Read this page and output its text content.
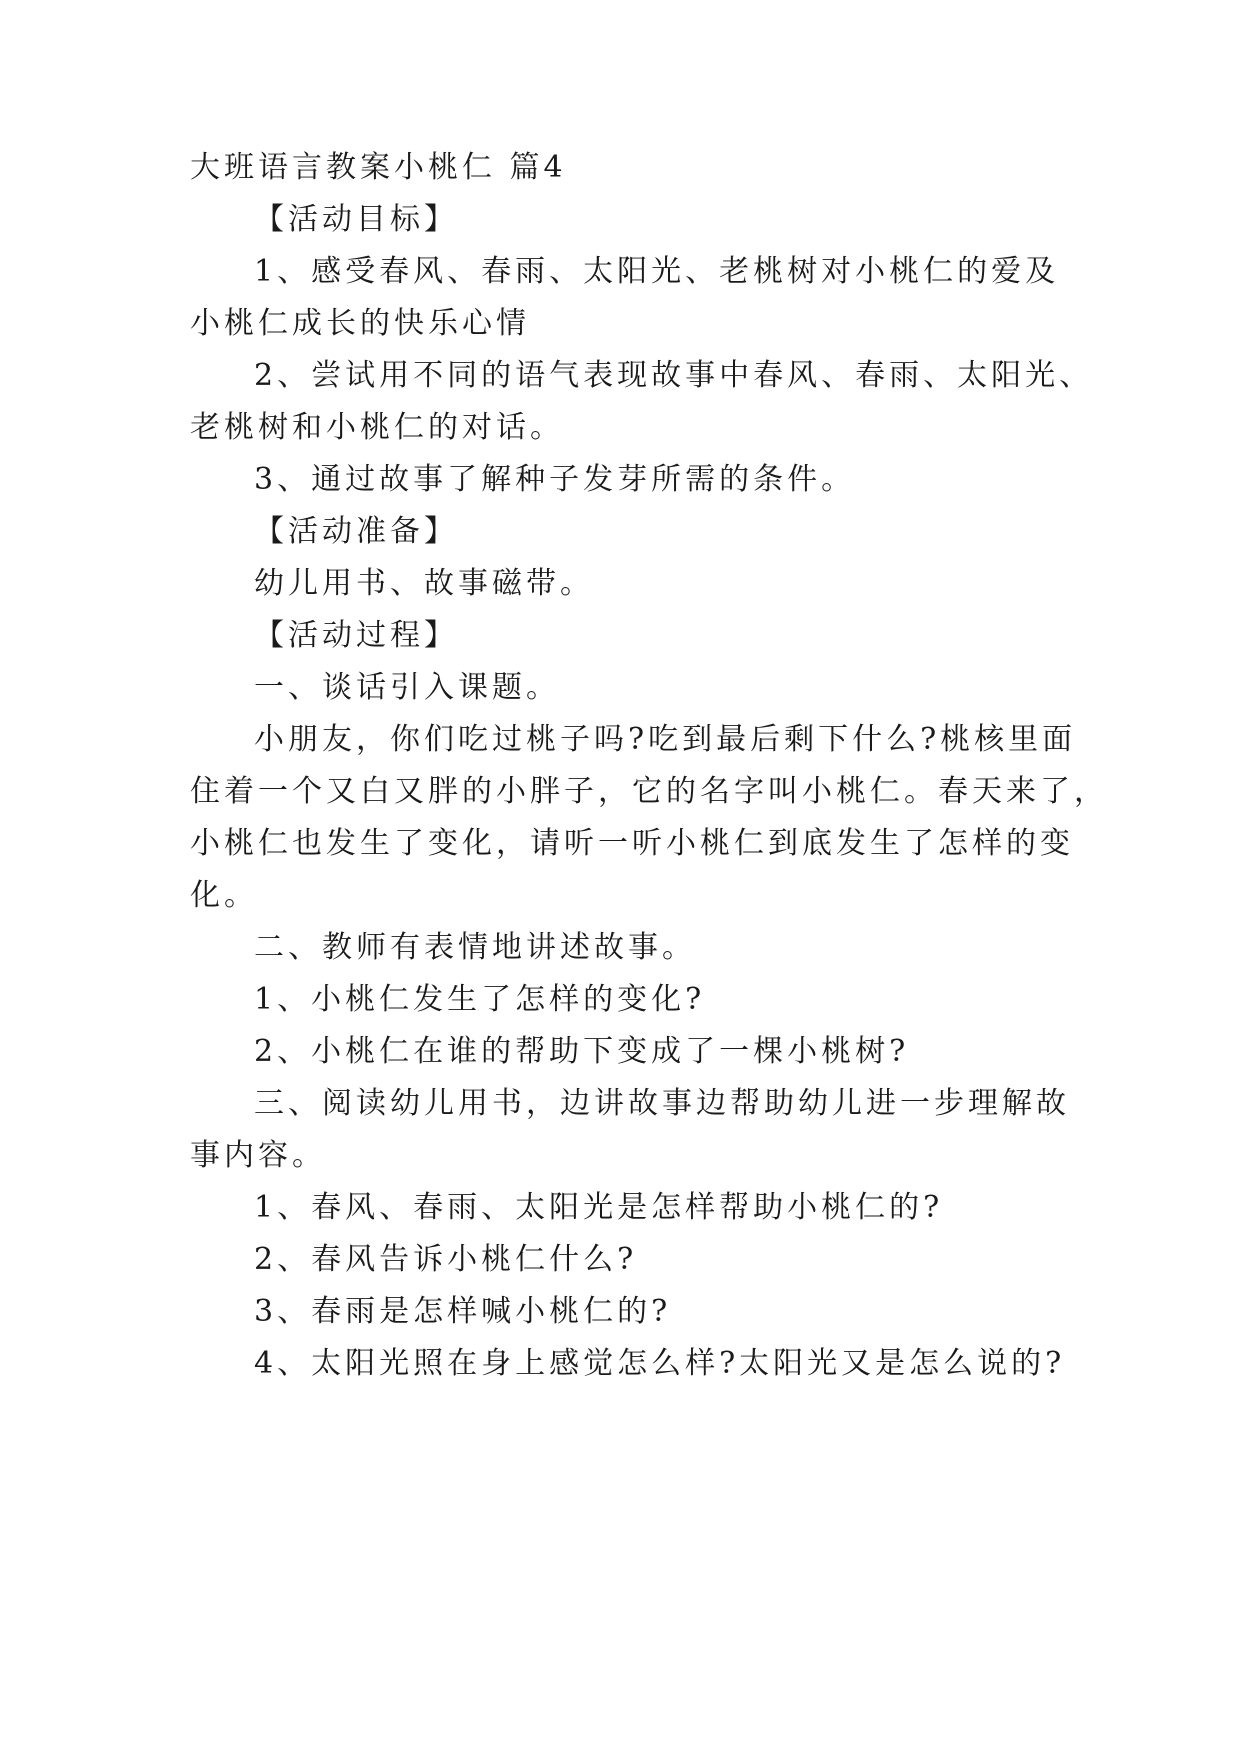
大班语言教案小桃仁 篇4
【活动目标】
1、感受春风、春雨、太阳光、老桃树对小桃仁的爱及
小桃仁成长的快乐心情
2、尝试用不同的语气表现故事中春风、春雨、太阳光、
老桃树和小桃仁的对话。
3、通过故事了解种子发芽所需的条件。
【活动准备】
幼儿用书、故事磁带。
【活动过程】
一、谈话引入课题。
小朋友，你们吃过桃子吗?吃到最后剩下什么?桃核里面
住着一个又白又胖的小胖子，它的名字叫小桃仁。春天来了，
小桃仁也发生了变化，请听一听小桃仁到底发生了怎样的变
化。
二、教师有表情地讲述故事。
1、小桃仁发生了怎样的变化?
2、小桃仁在谁的帮助下变成了一棵小桃树?
三、阅读幼儿用书，边讲故事边帮助幼儿进一步理解故
事内容。
1、春风、春雨、太阳光是怎样帮助小桃仁的?
2、春风告诉小桃仁什么?
3、春雨是怎样喊小桃仁的?
4、太阳光照在身上感觉怎么样?太阳光又是怎么说的?
